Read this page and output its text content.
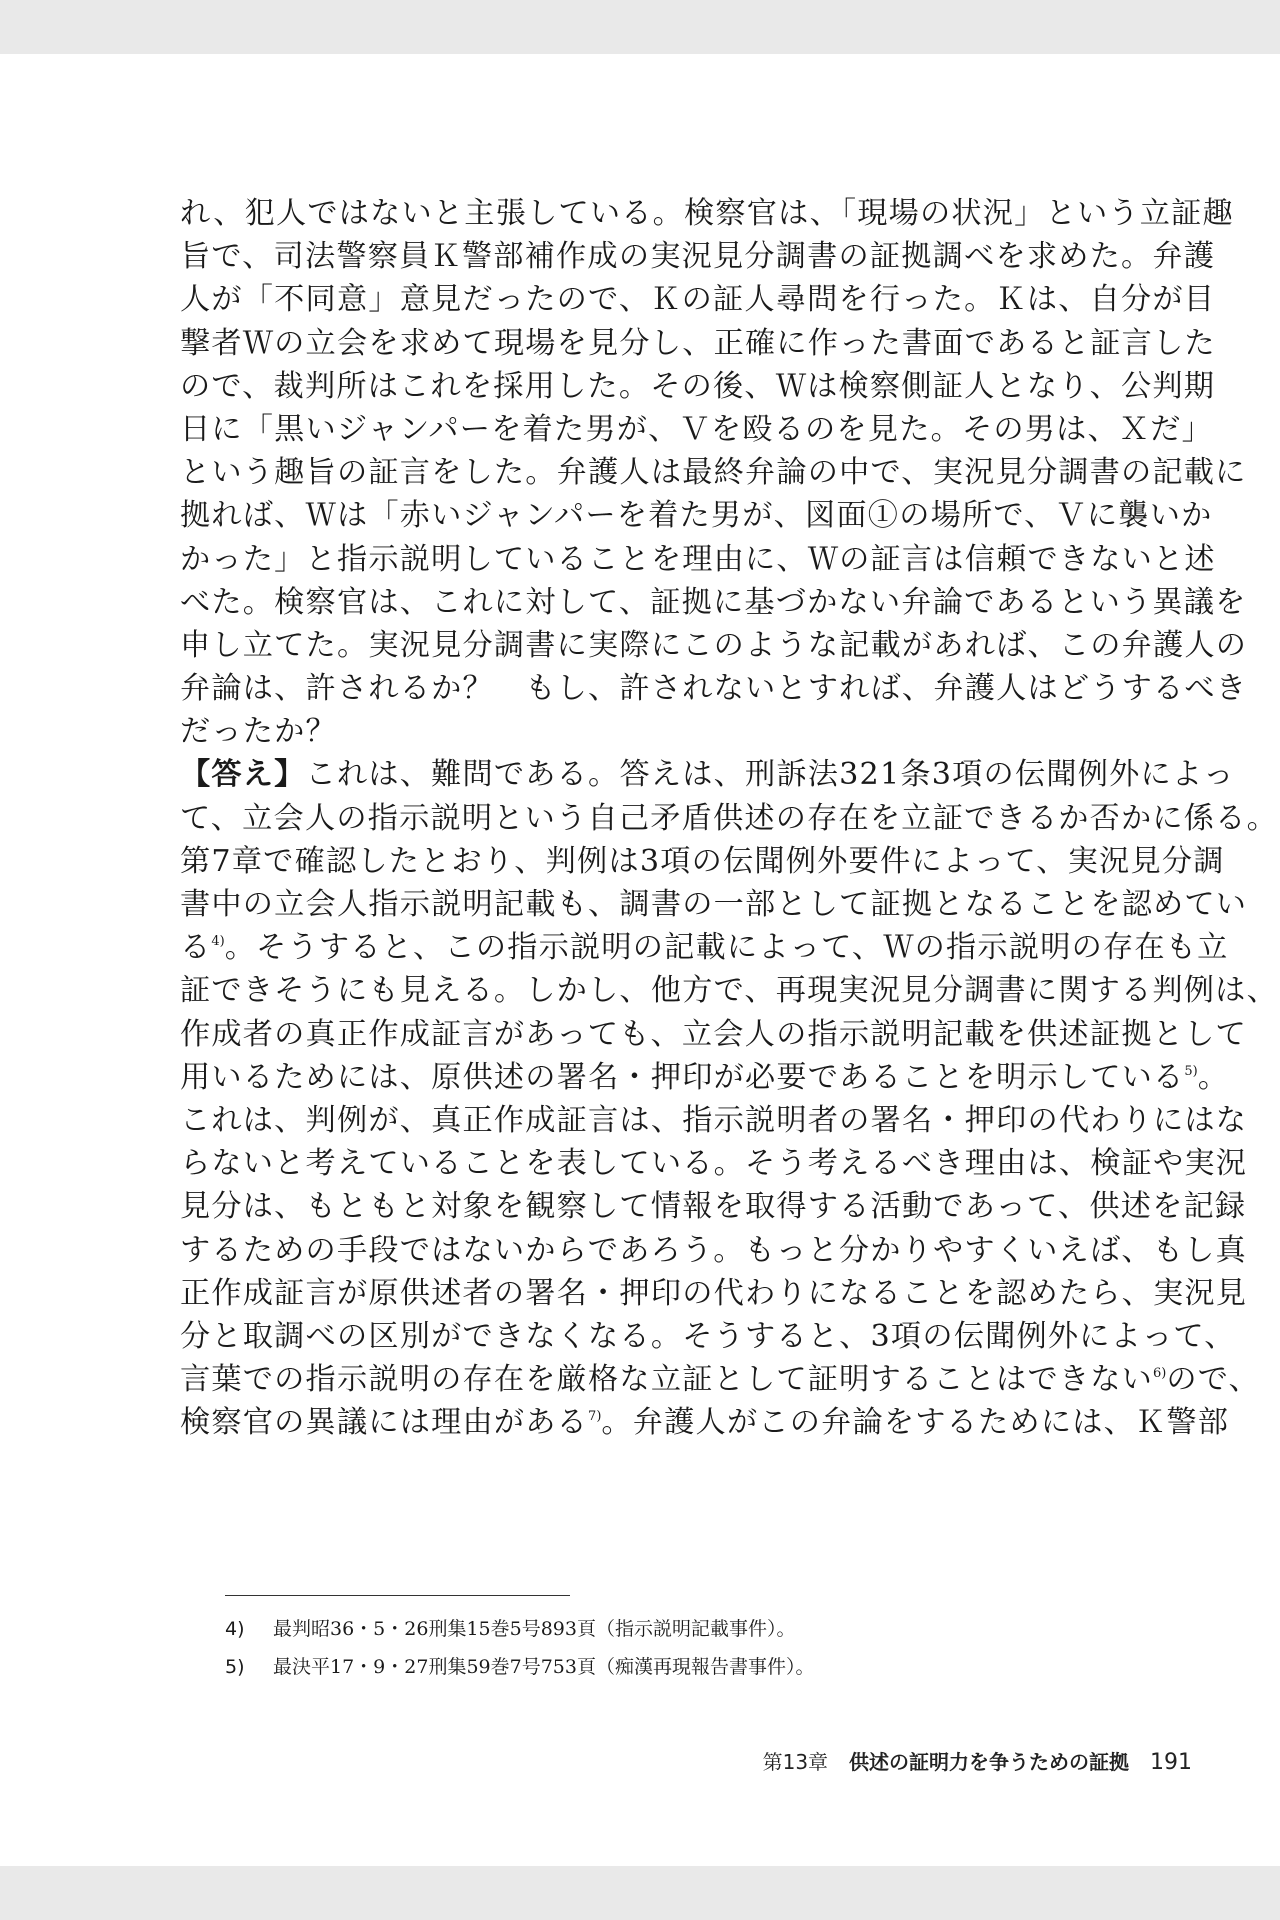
れ、犯人ではないと主張している。検察官は、「現場の状況」という立証趣
旨で、司法警察員Ｋ警部補作成の実況見分調書の証拠調べを求めた。弁護
人が「不同意」意見だったので、Ｋの証人尋問を行った。Ｋは、自分が目
撃者Ｗの立会を求めて現場を見分し、正確に作った書面であると証言した
ので、裁判所はこれを採用した。その後、Ｗは検察側証人となり、公判期
日に「黒いジャンパーを着た男が、Ｖを殴るのを見た。その男は、Ｘだ」
という趣旨の証言をした。弁護人は最終弁論の中で、実況見分調書の記載に
拠れば、Ｗは「赤いジャンパーを着た男が、図面①の場所で、Ｖに襲いか
かった」と指示説明していることを理由に、Ｗの証言は信頼できないと述
べた。検察官は、これに対して、証拠に基づかない弁論であるという異議を
申し立てた。実況見分調書に実際にこのような記載があれば、この弁護人の
弁論は、許されるか？　もし、許されないとすれば、弁護人はどうするべき
だったか？
【答え】これは、難問である。答えは、刑訴法321条3項の伝聞例外によっ
て、立会人の指示説明という自己矛盾供述の存在を立証できるか否かに係る。
第7章で確認したとおり、判例は3項の伝聞例外要件によって、実況見分調
書中の立会人指示説明記載も、調書の一部として証拠となることを認めてい
る$^{4)}$。そうすると、この指示説明の記載によって、Ｗの指示説明の存在も立
証できそうにも見える。しかし、他方で、再現実況見分調書に関する判例は、
作成者の真正作成証言があっても、立会人の指示説明記載を供述証拠として
用いるためには、原供述の署名・押印が必要であることを明示している$^{5)}$。
これは、判例が、真正作成証言は、指示説明者の署名・押印の代わりにはな
らないと考えていることを表している。そう考えるべき理由は、検証や実況
見分は、もともと対象を観察して情報を取得する活動であって、供述を記録
するための手段ではないからであろう。もっと分かりやすくいえば、もし真
正作成証言が原供述者の署名・押印の代わりになることを認めたら、実況見
分と取調べの区別ができなくなる。そうすると、3項の伝聞例外によって、
言葉での指示説明の存在を厳格な立証として証明することはできない$^{6)}$ので、
検察官の異議には理由がある$^{7)}$。弁護人がこの弁論をするためには、Ｋ警部
4)	最判昭36・5・26刑集15巻5号893頁（指示説明記載事件）。
5)	最決平17・9・27刑集59巻7号753頁（痴漢再現報告書事件）。
第13章 供述の証明力を争うための証拠 191
